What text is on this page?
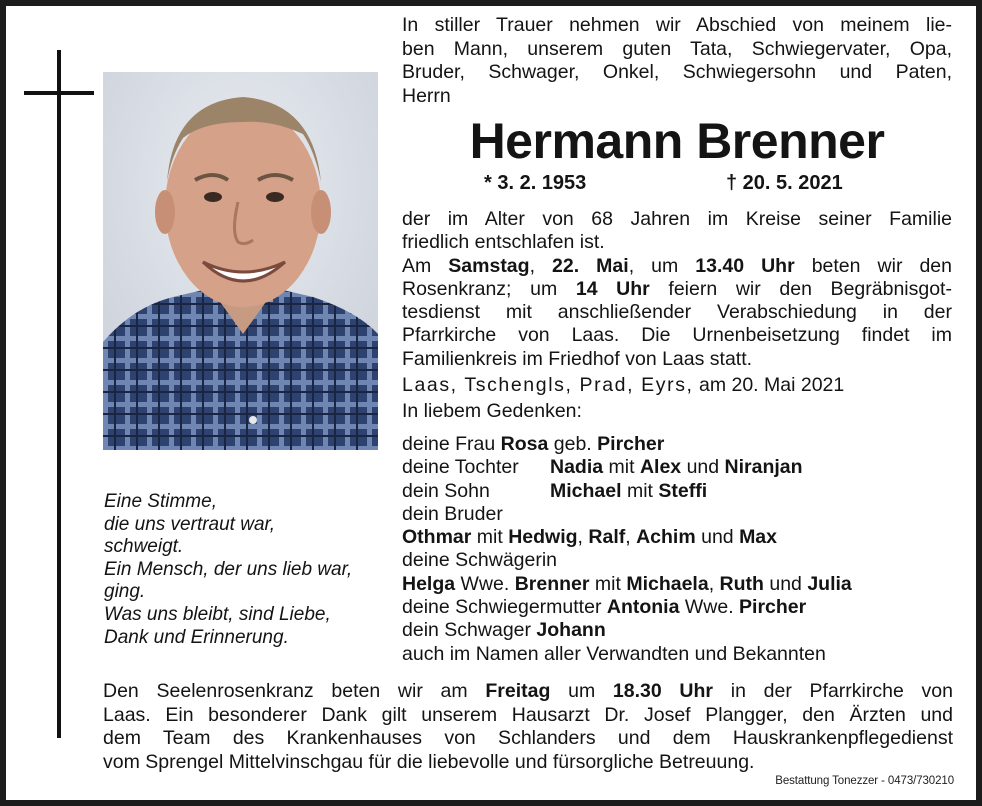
Eine Stimme,
die uns vertraut war,
schweigt.
Ein Mensch, der uns lieb war,
ging.
Was uns bleibt, sind Liebe,
Dank und Erinnerung.
In stiller Trauer nehmen wir Abschied von meinem lie-
ben Mann, unserem guten Tata, Schwiegervater, Opa,
Bruder, Schwager, Onkel, Schwiegersohn und Paten,
Herrn
Hermann Brenner
* 3. 2. 1953	† 20. 5. 2021
der im Alter von 68 Jahren im Kreise seiner Familie
friedlich entschlafen ist.
Am Samstag, 22. Mai, um 13.40 Uhr beten wir den
Rosenkranz; um 14 Uhr feiern wir den Begräbnisgot-
tesdienst mit anschließender Verabschiedung in der
Pfarrkirche von Laas. Die Urnenbeisetzung findet im
Familienkreis im Friedhof von Laas statt.
Laas, Tschengls, Prad, Eyrs, am 20. Mai 2021
In liebem Gedenken:
deine Frau Rosa geb. Pircher
deine Tochter Nadia mit Alex und Niranjan
dein Sohn	Michael mit Steffi
dein Bruder
Othmar mit Hedwig, Ralf, Achim und Max
deine Schwägerin
Helga Wwe. Brenner mit Michaela, Ruth und Julia
deine Schwiegermutter Antonia Wwe. Pircher
dein Schwager Johann
auch im Namen aller Verwandten und Bekannten
Den Seelenrosenkranz beten wir am Freitag um 18.30 Uhr in der Pfarrkirche von
Laas. Ein besonderer Dank gilt unserem Hausarzt Dr. Josef Plangger, den Ärzten und
dem Team des Krankenhauses von Schlanders und dem Hauskrankenpflegedienst
vom Sprengel Mittelvinschgau für die liebevolle und fürsorgliche Betreuung.
Bestattung Tonezzer - 0473/730210
